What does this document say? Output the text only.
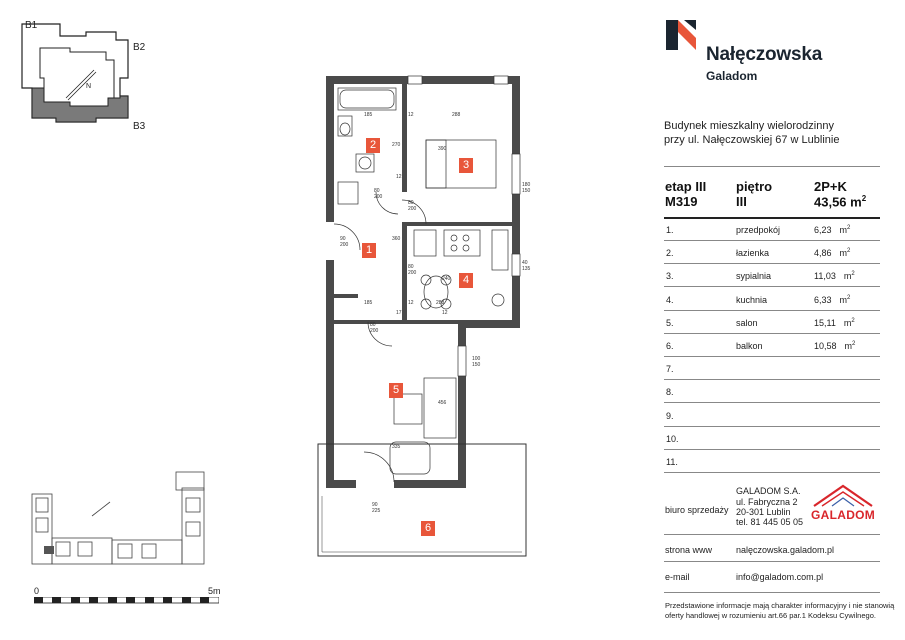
N
B1
B2
B3
0	5m
185	12	288
270
390
12
80
200
80
200
90
200
360
80
200
240
185	12	288
12
80
200
17
456
335
180
150
40
135
100
150
90
225
1
2
3
4
5
6
Nałęczowska
Galadom
Budynek mieszkalny wielorodzinny
przy ul. Nałęczowskiej 67 w Lublinie
etap III
M319
piętro
III
2P+K
43,56 $m^2$
1.	przedpokój	6,23 $m^2$
2.	łazienka	4,86 $m^2$
3.	sypialnia	11,03 $m^2$
4.	kuchnia	6,33 $m^2$
5.	salon	15,11 $m^2$
6.	balkon	10,58 $m^2$
7.
8.
9.
10.
11.
biuro sprzedaży
GALADOM S.A.
ul. Fabryczna 2
20-301 Lublin
tel. 81 445 05 05 GALADOM
strona www	nalęczowska.galadom.pl
e-mail	info@galadom.com.pl
Przedstawione informacje mają charakter informacyjny i nie stanowią
oferty handlowej w rozumieniu art.66 par.1 Kodeksu Cywilnego.
